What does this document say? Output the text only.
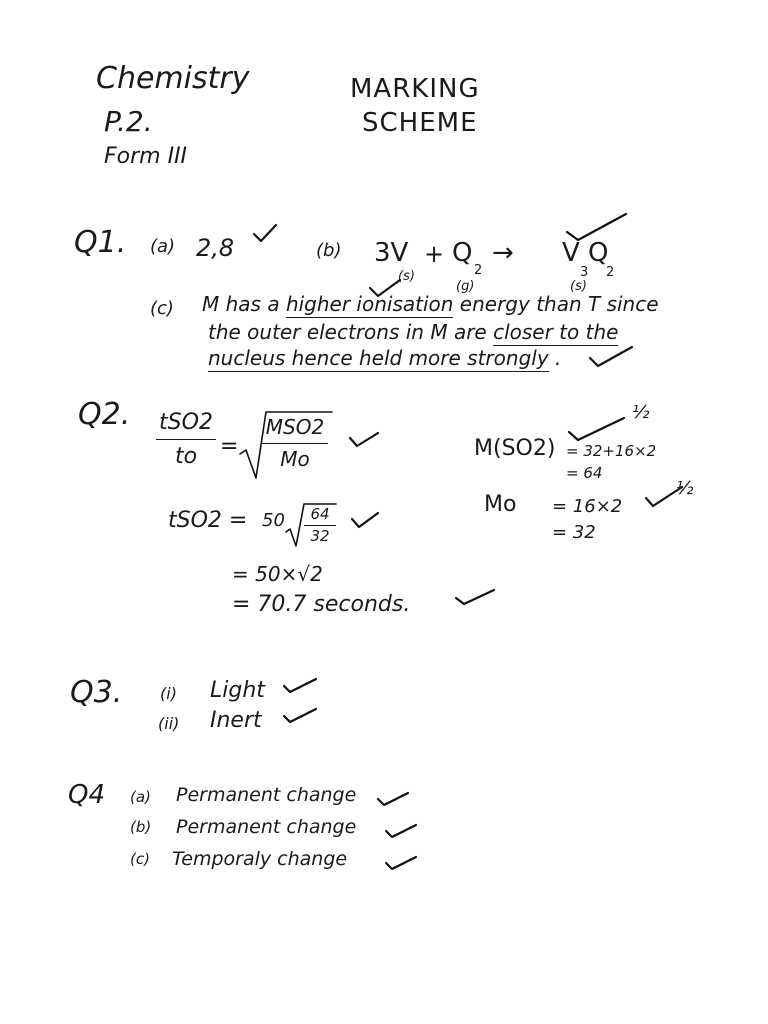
Chemistry
P.2.
Form III
MARKING
SCHEME
Q1. (a) 2,8	(b) 3V
(s)
+ Q
2
(g)
→ V
3
Q
2
(s)
(c) M has a higher ionisation energy than T since
the outer electrons in M are closer to the
nucleus hence held more strongly .
Q2. tSO2
to	=
MSO2
Mo
tSO2 = 50	64
32
= 50×√2
= 70.7 seconds.
½
M(SO2) = 32+16×2
= 64
Mo = 16×2
½
= 32
Q3. (i) Light
(ii) Inert
Q4 (a) Permanent change
(b) Permanent change
(c) Temporaly change
